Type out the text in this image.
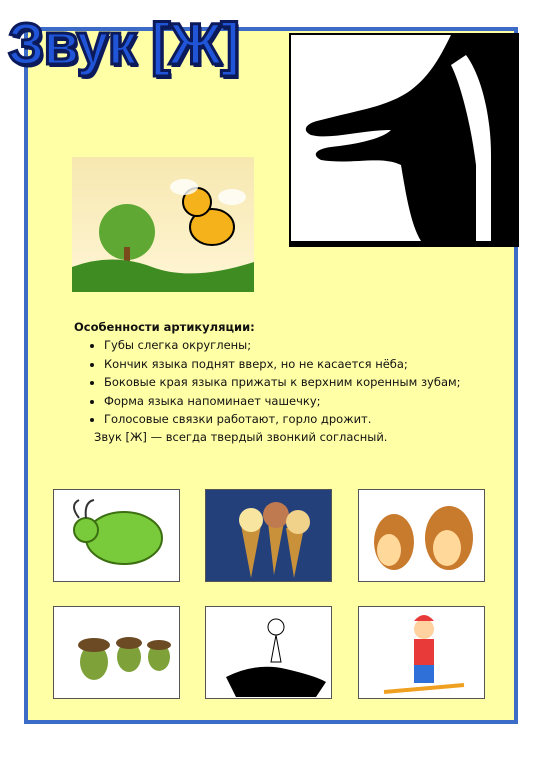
Звук [Ж]
Особенности артикуляции:
• Губы слегка округлены;
• Кончик языка поднят вверх, но не касается нёба;
• Боковые края языка прижаты к верхним коренным зубам;
• Форма языка напоминает чашечку;
• Голосовые связки работают, горло дрожит.
Звук [Ж] — всегда твердый звонкий согласный.
